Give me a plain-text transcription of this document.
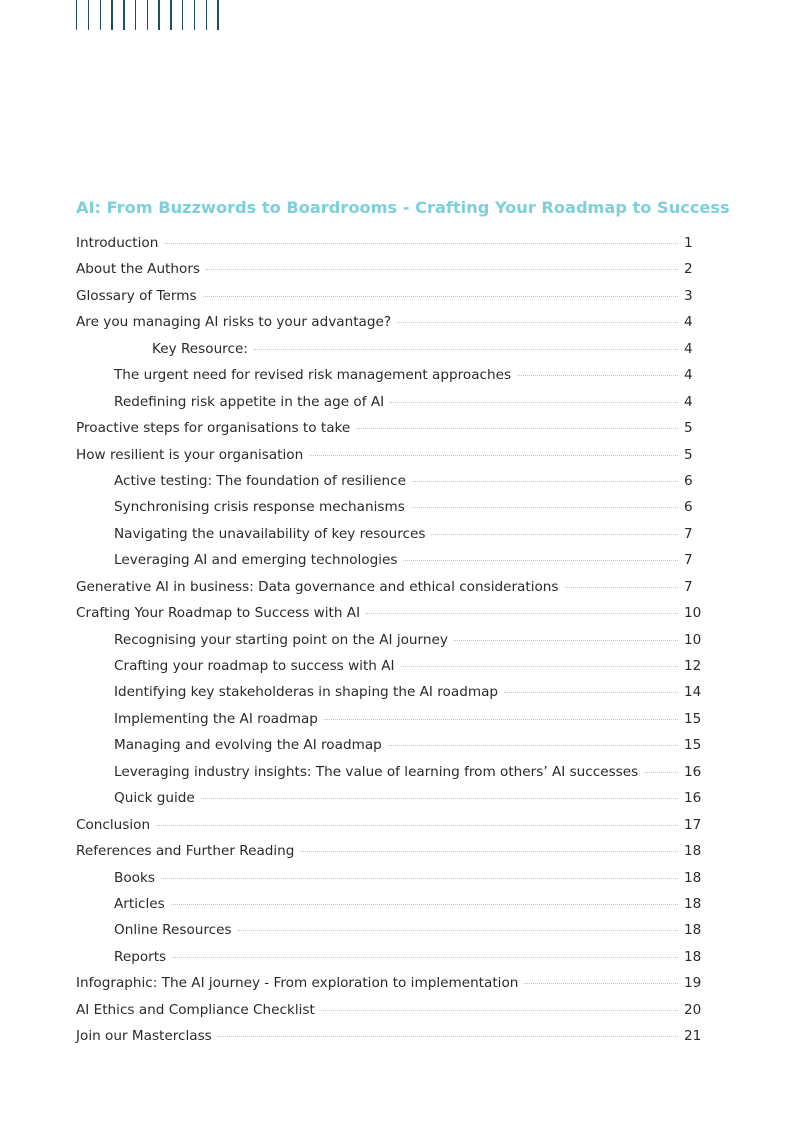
AI: From Buzzwords to Boardrooms - Crafting Your Roadmap to Success
Introduction	1
About the Authors	2
Glossary of Terms	3
Are you managing AI risks to your advantage?	4
Key Resource:	4
The urgent need for revised risk management approaches	4
Redefining risk appetite in the age of AI	4
Proactive steps for organisations to take	5
How resilient is your organisation	5
Active testing: The foundation of resilience	6
Synchronising crisis response mechanisms	6
Navigating the unavailability of key resources	7
Leveraging AI and emerging technologies	7
Generative AI in business: Data governance and ethical considerations	7
Crafting Your Roadmap to Success with AI	10
Recognising your starting point on the AI journey	10
Crafting your roadmap to success with AI	12
Identifying key stakeholderas in shaping the AI roadmap	14
Implementing the AI roadmap	15
Managing and evolving the AI roadmap	15
Leveraging industry insights: The value of learning from others’ AI successes	16
Quick guide	16
Conclusion	17
References and Further Reading	18
Books	18
Articles	18
Online Resources	18
Reports	18
Infographic: The AI journey - From exploration to implementation	19
AI Ethics and Compliance Checklist	20
Join our Masterclass	21
